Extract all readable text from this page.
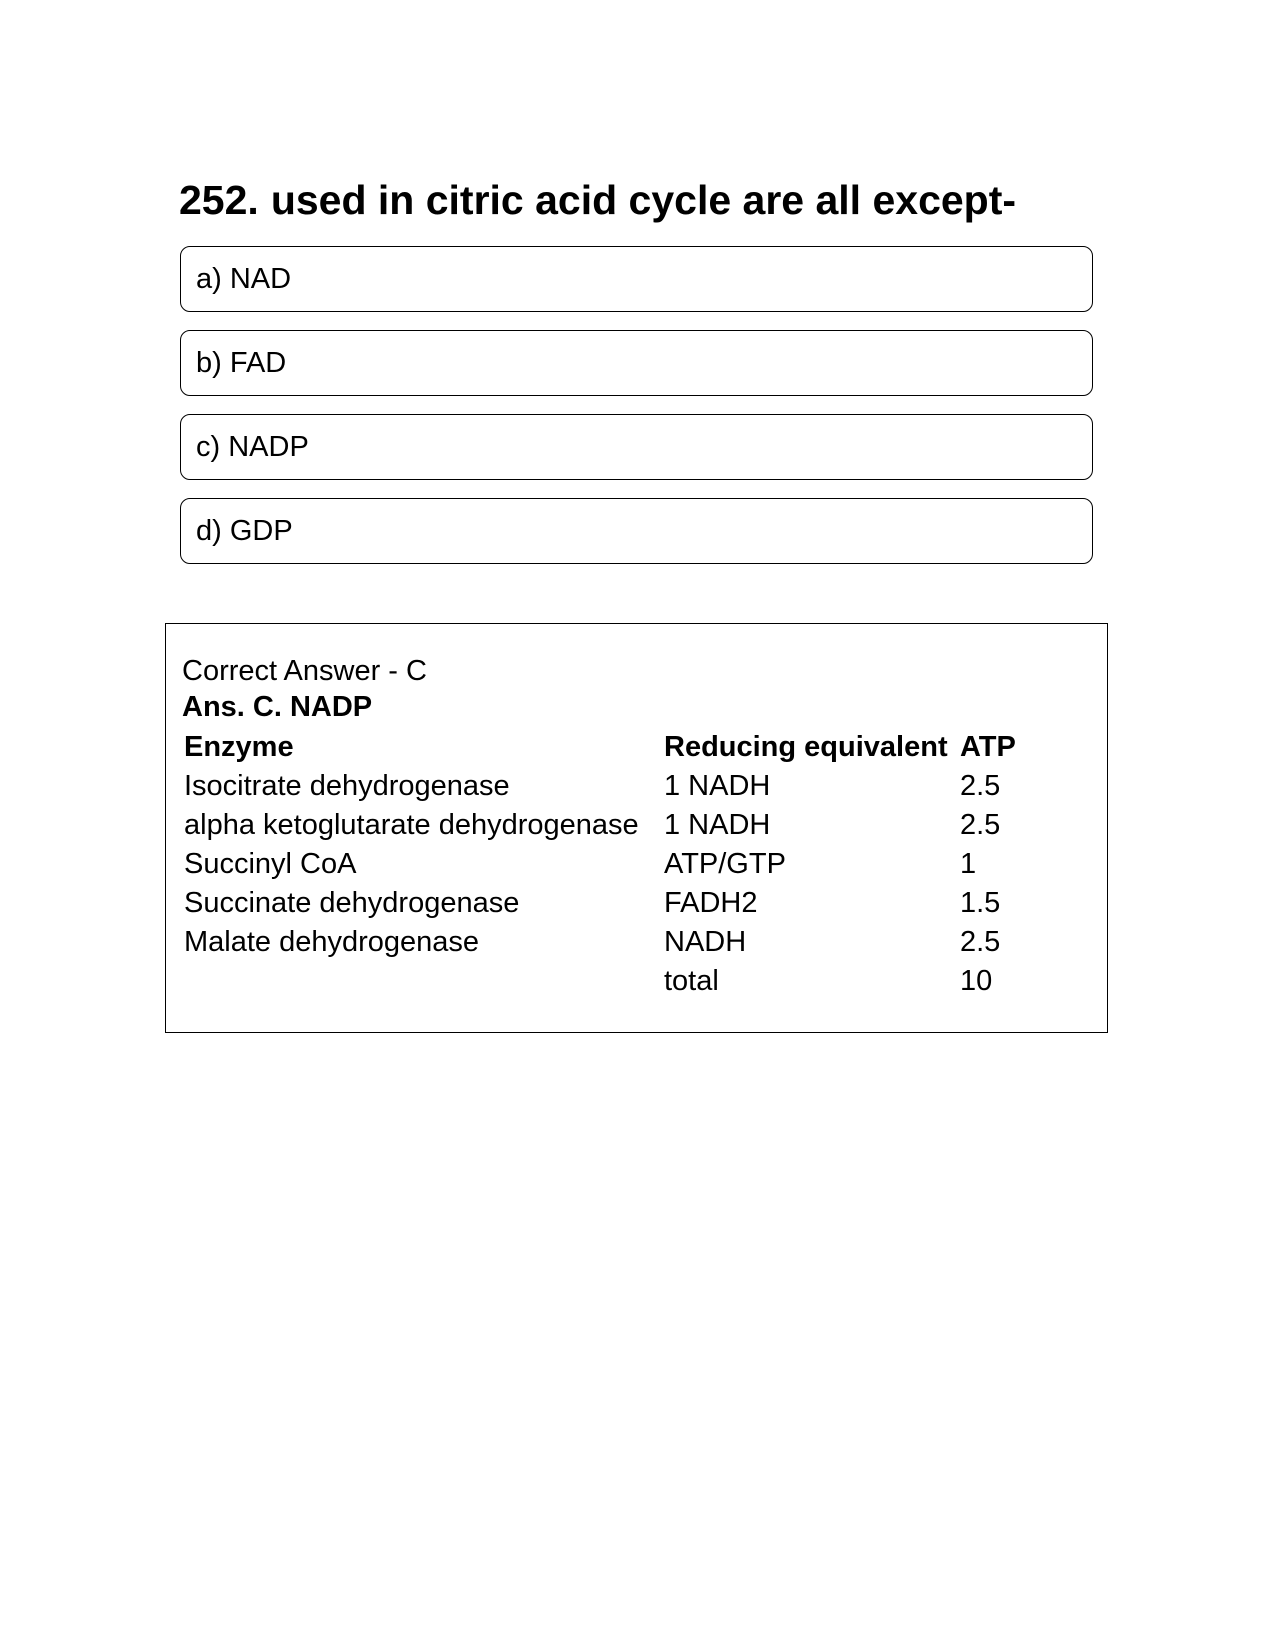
252. used in citric acid cycle are all except-
a) NAD
b) FAD
c) NADP
d) GDP
Correct Answer - C
Ans. C. NADP
Enzyme	Reducing equivalent	ATP
Isocitrate dehydrogenase	1 NADH	2.5
alpha ketoglutarate dehydrogenase	1 NADH	2.5
Succinyl CoA	ATP/GTP	1
Succinate dehydrogenase	FADH2	1.5
Malate dehydrogenase	NADH	2.5
	total	10
